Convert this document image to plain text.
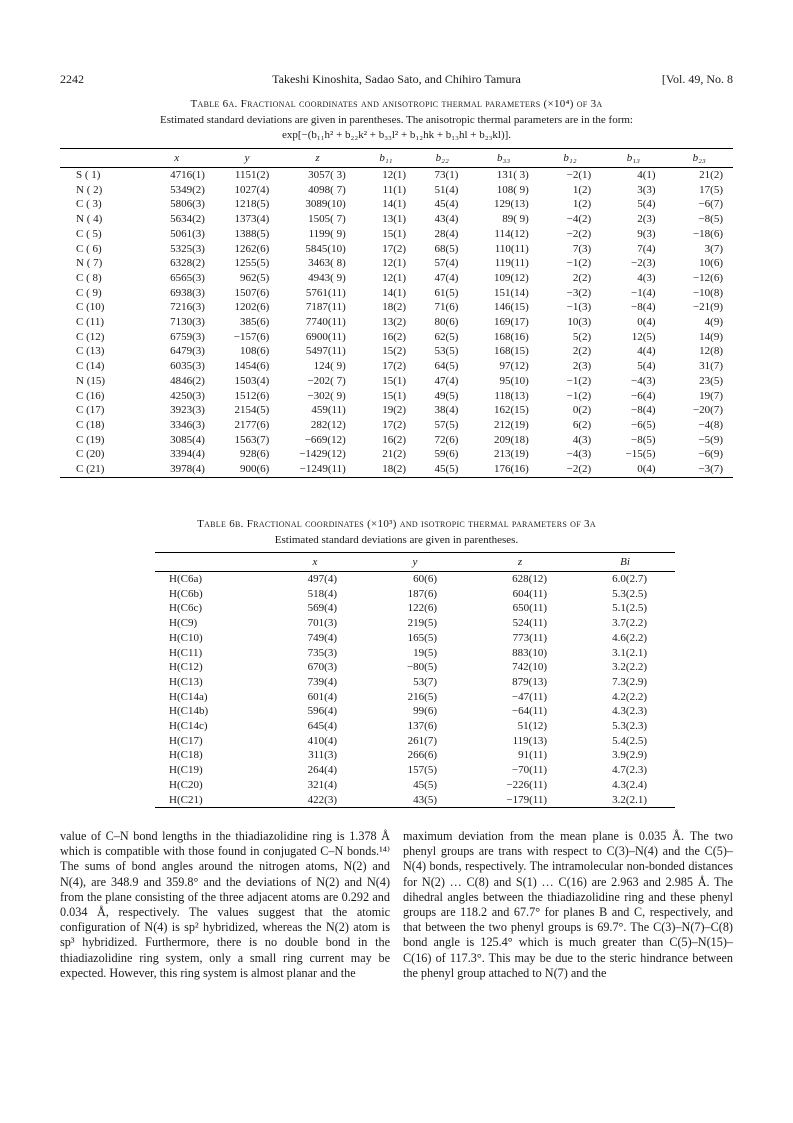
2242	Takeshi Kinoshita, Sadao Sato, and Chihiro Tamura	[Vol. 49, No. 8
Table 6a. Fractional coordinates and anisotropic thermal parameters (×10⁴) of 3a
Estimated standard deviations are given in parentheses. The anisotropic thermal parameters are in the form:
exp[−(b₁₁h² + b₂₂k² + b₃₃l² + b₁₂hk + b₁₃hl + b₂₃kl)].
	x	y	z	b₁₁	b₂₂	b₃₃	b₁₂	b₁₃	b₂₃
S ( 1)	4716(1)	1151(2)	3057( 3)	12(1)	73(1)	131( 3)	−2(1)	4(1)	21(2)
N ( 2)	5349(2)	1027(4)	4098( 7)	11(1)	51(4)	108( 9)	1(2)	3(3)	17(5)
C ( 3)	5806(3)	1218(5)	3089(10)	14(1)	45(4)	129(13)	1(2)	5(4)	−6(7)
N ( 4)	5634(2)	1373(4)	1505( 7)	13(1)	43(4)	89( 9)	−4(2)	2(3)	−8(5)
C ( 5)	5061(3)	1388(5)	1199( 9)	15(1)	28(4)	114(12)	−2(2)	9(3)	−18(6)
C ( 6)	5325(3)	1262(6)	5845(10)	17(2)	68(5)	110(11)	7(3)	7(4)	3(7)
N ( 7)	6328(2)	1255(5)	3463( 8)	12(1)	57(4)	119(11)	−1(2)	−2(3)	10(6)
C ( 8)	6565(3)	962(5)	4943( 9)	12(1)	47(4)	109(12)	2(2)	4(3)	−12(6)
C ( 9)	6938(3)	1507(6)	5761(11)	14(1)	61(5)	151(14)	−3(2)	−1(4)	−10(8)
C (10)	7216(3)	1202(6)	7187(11)	18(2)	71(6)	146(15)	−1(3)	−8(4)	−21(9)
C (11)	7130(3)	385(6)	7740(11)	13(2)	80(6)	169(17)	10(3)	0(4)	4(9)
C (12)	6759(3)	−157(6)	6900(11)	16(2)	62(5)	168(16)	5(2)	12(5)	14(9)
C (13)	6479(3)	108(6)	5497(11)	15(2)	53(5)	168(15)	2(2)	4(4)	12(8)
C (14)	6035(3)	1454(6)	124( 9)	17(2)	64(5)	97(12)	2(3)	5(4)	31(7)
N (15)	4846(2)	1503(4)	−202( 7)	15(1)	47(4)	95(10)	−1(2)	−4(3)	23(5)
C (16)	4250(3)	1512(6)	−302( 9)	15(1)	49(5)	118(13)	−1(2)	−6(4)	19(7)
C (17)	3923(3)	2154(5)	459(11)	19(2)	38(4)	162(15)	0(2)	−8(4)	−20(7)
C (18)	3346(3)	2177(6)	282(12)	17(2)	57(5)	212(19)	6(2)	−6(5)	−4(8)
C (19)	3085(4)	1563(7)	−669(12)	16(2)	72(6)	209(18)	4(3)	−8(5)	−5(9)
C (20)	3394(4)	928(6)	−1429(12)	21(2)	59(6)	213(19)	−4(3)	−15(5)	−6(9)
C (21)	3978(4)	900(6)	−1249(11)	18(2)	45(5)	176(16)	−2(2)	0(4)	−3(7)
Table 6b. Fractional coordinates (×10³) and isotropic thermal parameters of 3a
Estimated standard deviations are given in parentheses.
	x	y	z	Bi
H(C6a)	497(4)	60(6)	628(12)	6.0(2.7)
H(C6b)	518(4)	187(6)	604(11)	5.3(2.5)
H(C6c)	569(4)	122(6)	650(11)	5.1(2.5)
H(C9)	701(3)	219(5)	524(11)	3.7(2.2)
H(C10)	749(4)	165(5)	773(11)	4.6(2.2)
H(C11)	735(3)	19(5)	883(10)	3.1(2.1)
H(C12)	670(3)	−80(5)	742(10)	3.2(2.2)
H(C13)	739(4)	53(7)	879(13)	7.3(2.9)
H(C14a)	601(4)	216(5)	−47(11)	4.2(2.2)
H(C14b)	596(4)	99(6)	−64(11)	4.3(2.3)
H(C14c)	645(4)	137(6)	51(12)	5.3(2.3)
H(C17)	410(4)	261(7)	119(13)	5.4(2.5)
H(C18)	311(3)	266(6)	91(11)	3.9(2.9)
H(C19)	264(4)	157(5)	−70(11)	4.7(2.3)
H(C20)	321(4)	45(5)	−226(11)	4.3(2.4)
H(C21)	422(3)	43(5)	−179(11)	3.2(2.1)

value of C–N bond lengths in the thiadiazolidine ring is 1.378 Å which is compatible with those found in conjugated C–N bonds.¹⁴⁾ The sums of bond angles around the nitrogen atoms, N(2) and N(4), are 348.9 and 359.8° and the deviations of N(2) and N(4) from the plane consisting of the three adjacent atoms are 0.292 and 0.034 Å, respectively. The values suggest that the atomic configuration of N(4) is sp² hybridized, whereas the N(2) atom is sp³ hybridized. Furthermore, there is no double bond in the thiadiazolidine ring system, only a small ring current may be expected. However, this ring system is almost planar and the

maximum deviation from the mean plane is 0.035 Å. The two phenyl groups are trans with respect to C(3)–N(4) and the C(5)–N(4) bonds, respectively. The intramolecular non-bonded distances for N(2) … C(8) and S(1) … C(16) are 2.963 and 2.985 Å. The dihedral angles between the thiadiazolidine ring and these phenyl groups are 118.2 and 67.7° for planes B and C, respectively, and that between the two phenyl groups is 69.7°. The C(3)–N(7)–C(8) bond angle is 125.4° which is much greater than C(5)–N(15)–C(16) of 117.3°. This may be due to the steric hindrance between the phenyl group attached to N(7) and the
